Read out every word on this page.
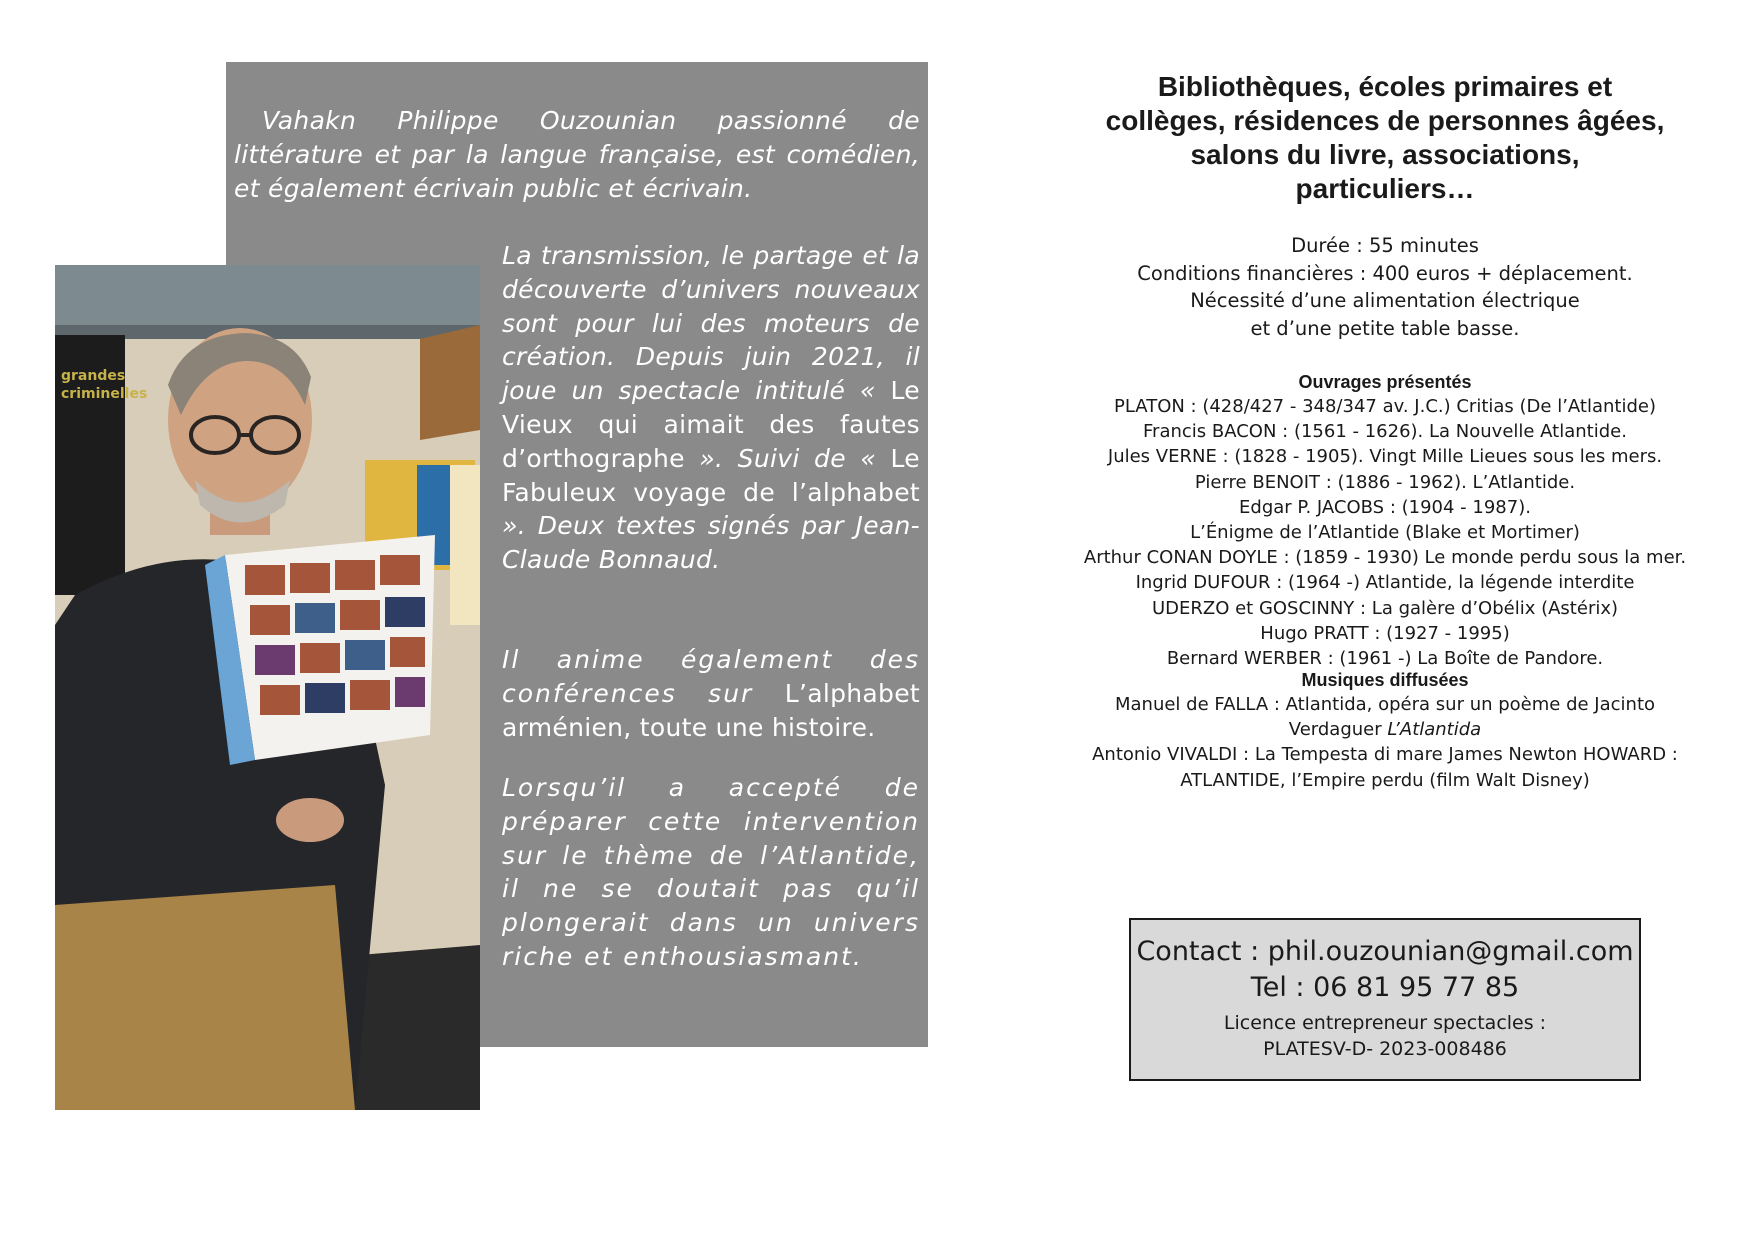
grandes
criminelles

Vahakn Philippe Ouzounian passionné de littérature et par la langue française, est comédien, et également écrivain public et écrivain.

La transmission, le partage et la découverte d’univers nouveaux sont pour lui des moteurs de création. Depuis juin 2021, il joue un spectacle intitulé « Le Vieux qui aimait des fautes d’orthographe ». Suivi de « Le Fabuleux voyage de l’alphabet ». Deux textes signés par Jean-Claude Bonnaud.

Il anime également des conférences sur L’alphabet arménien, toute une histoire.

Lorsqu’il a accepté de préparer cette intervention sur le thème de l’Atlantide, il ne se doutait pas qu’il plongerait dans un univers riche et enthousiasmant.

Bibliothèques, écoles primaires et
collèges, résidences de personnes âgées,
salons du livre, associations,
particuliers…

Durée : 55 minutes
Conditions financières : 400 euros + déplacement.
Nécessité d’une alimentation électrique
et d’une petite table basse.

Ouvrages présentés

PLATON : (428/427 - 348/347 av. J.C.) Critias (De l’Atlantide)
Francis BACON : (1561 - 1626). La Nouvelle Atlantide.
Jules VERNE : (1828 - 1905). Vingt Mille Lieues sous les mers.
Pierre BENOIT : (1886 - 1962). L’Atlantide.
Edgar P. JACOBS : (1904 - 1987).
L’Énigme de l’Atlantide (Blake et Mortimer)
Arthur CONAN DOYLE : (1859 - 1930) Le monde perdu sous la mer.
Ingrid DUFOUR : (1964 -) Atlantide, la légende interdite
UDERZO et GOSCINNY : La galère d’Obélix (Astérix)
Hugo PRATT : (1927 - 1995)
Bernard WERBER : (1961 -) La Boîte de Pandore.

Musiques diffusées

Manuel de FALLA : Atlantida, opéra sur un poème de Jacinto
Verdaguer L’Atlantida
Antonio VIVALDI : La Tempesta di mare James Newton HOWARD :
ATLANTIDE, l’Empire perdu (film Walt Disney)

Contact : phil.ouzounian@gmail.com
Tel : 06 81 95 77 85
Licence entrepreneur spectacles :
PLATESV-D- 2023-008486
